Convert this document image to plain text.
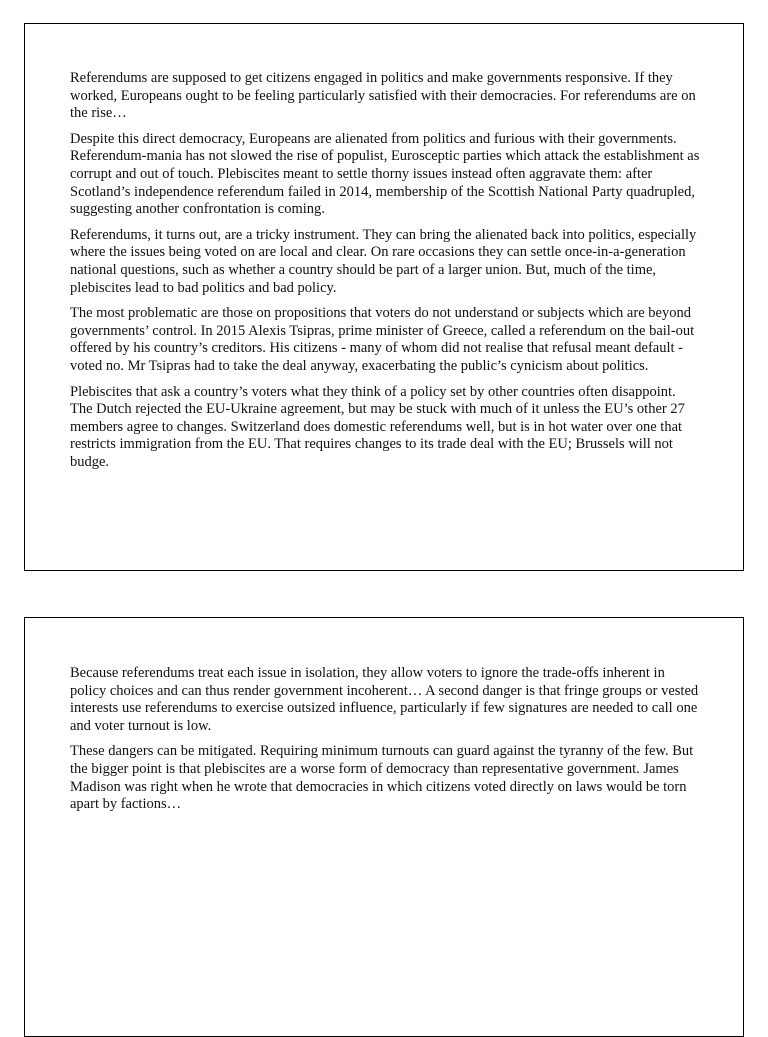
Referendums are supposed to get citizens engaged in politics and make governments responsive. If they worked, Europeans ought to be feeling particularly satisfied with their democracies. For referendums are on the rise…

Despite this direct democracy, Europeans are alienated from politics and furious with their governments. Referendum-mania has not slowed the rise of populist, Eurosceptic parties which attack the establishment as corrupt and out of touch. Plebiscites meant to settle thorny issues instead often aggravate them: after Scotland’s independence referendum failed in 2014, membership of the Scottish National Party quadrupled, suggesting another confrontation is coming.

Referendums, it turns out, are a tricky instrument. They can bring the alienated back into politics, especially where the issues being voted on are local and clear. On rare occasions they can settle once-in-a-generation national questions, such as whether a country should be part of a larger union. But, much of the time, plebiscites lead to bad politics and bad policy.

The most problematic are those on propositions that voters do not understand or subjects which are beyond governments’ control. In 2015 Alexis Tsipras, prime minister of Greece, called a referendum on the bail-out offered by his country’s creditors. His citizens - many of whom did not realise that refusal meant default - voted no. Mr Tsipras had to take the deal anyway, exacerbating the public’s cynicism about politics.

Plebiscites that ask a country’s voters what they think of a policy set by other countries often disappoint. The Dutch rejected the EU-Ukraine agreement, but may be stuck with much of it unless the EU’s other 27 members agree to changes. Switzerland does domestic referendums well, but is in hot water over one that restricts immigration from the EU. That requires changes to its trade deal with the EU; Brussels will not budge.

Because referendums treat each issue in isolation, they allow voters to ignore the trade-offs inherent in policy choices and can thus render government incoherent… A second danger is that fringe groups or vested interests use referendums to exercise outsized influence, particularly if few signatures are needed to call one and voter turnout is low.

These dangers can be mitigated. Requiring minimum turnouts can guard against the tyranny of the few. But the bigger point is that plebiscites are a worse form of democracy than representative government. James Madison was right when he wrote that democracies in which citizens voted directly on laws would be torn apart by factions…
